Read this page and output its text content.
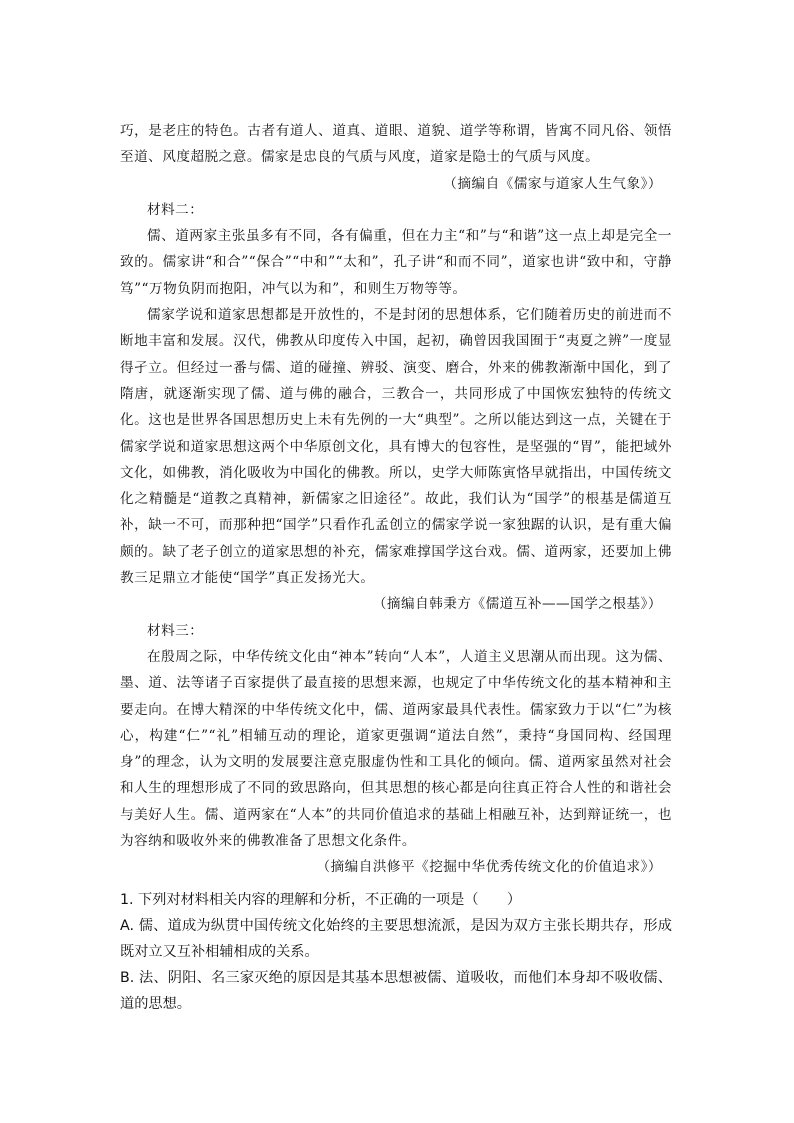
巧，是老庄的特色。古者有道人、道真、道眼、道貌、道学等称谓，皆寓不同凡俗、领悟至道、风度超脱之意。儒家是忠良的气质与风度，道家是隐士的气质与风度。

（摘编自《儒家与道家人生气象》）

材料二：

儒、道两家主张虽多有不同，各有偏重，但在力主“和”与“和谐”这一点上却是完全一致的。儒家讲“和合”“保合”“中和”“太和”，孔子讲“和而不同”，道家也讲“致中和，守静笃”“万物负阴而抱阳，冲气以为和”，和则生万物等等。

儒家学说和道家思想都是开放性的，不是封闭的思想体系，它们随着历史的前进而不断地丰富和发展。汉代，佛教从印度传入中国，起初，确曾因我国囿于“夷夏之辨”一度显得孑立。但经过一番与儒、道的碰撞、辨驳、演变、磨合，外来的佛教渐渐中国化，到了隋唐，就逐渐实现了儒、道与佛的融合，三教合一，共同形成了中国恢宏独特的传统文化。这也是世界各国思想历史上未有先例的一大“典型”。之所以能达到这一点，关键在于儒家学说和道家思想这两个中华原创文化，具有博大的包容性，是坚强的“胃”，能把域外文化，如佛教，消化吸收为中国化的佛教。所以，史学大师陈寅恪早就指出，中国传统文化之精髓是“道教之真精神，新儒家之旧途径”。故此，我们认为“国学”的根基是儒道互补，缺一不可，而那种把“国学”只看作孔孟创立的儒家学说一家独踞的认识，是有重大偏颇的。缺了老子创立的道家思想的补充，儒家难撑国学这台戏。儒、道两家，还要加上佛教三足鼎立才能使“国学”真正发扬光大。

（摘编自韩秉方《儒道互补——国学之根基》）

材料三：

在殷周之际，中华传统文化由“神本”转向“人本”，人道主义思潮从而出现。这为儒、墨、道、法等诸子百家提供了最直接的思想来源，也规定了中华传统文化的基本精神和主要走向。在博大精深的中华传统文化中，儒、道两家最具代表性。儒家致力于以“仁”为核心，构建“仁”“礼”相辅互动的理论，道家更强调“道法自然”，秉持“身国同构、经国理身”的理念，认为文明的发展要注意克服虚伪性和工具化的倾向。儒、道两家虽然对社会和人生的理想形成了不同的致思路向，但其思想的核心都是向往真正符合人性的和谐社会与美好人生。儒、道两家在“人本”的共同价值追求的基础上相融互补，达到辩证统一，也为容纳和吸收外来的佛教准备了思想文化条件。

（摘编自洪修平《挖掘中华优秀传统文化的价值追求》）

1. 下列对材料相关内容的理解和分析，不正确的一项是（　　）

A. 儒、道成为纵贯中国传统文化始终的主要思想流派，是因为双方主张长期共存，形成既对立又互补相辅相成的关系。

B. 法、阴阳、名三家灭绝的原因是其基本思想被儒、道吸收，而他们本身却不吸收儒、道的思想。
